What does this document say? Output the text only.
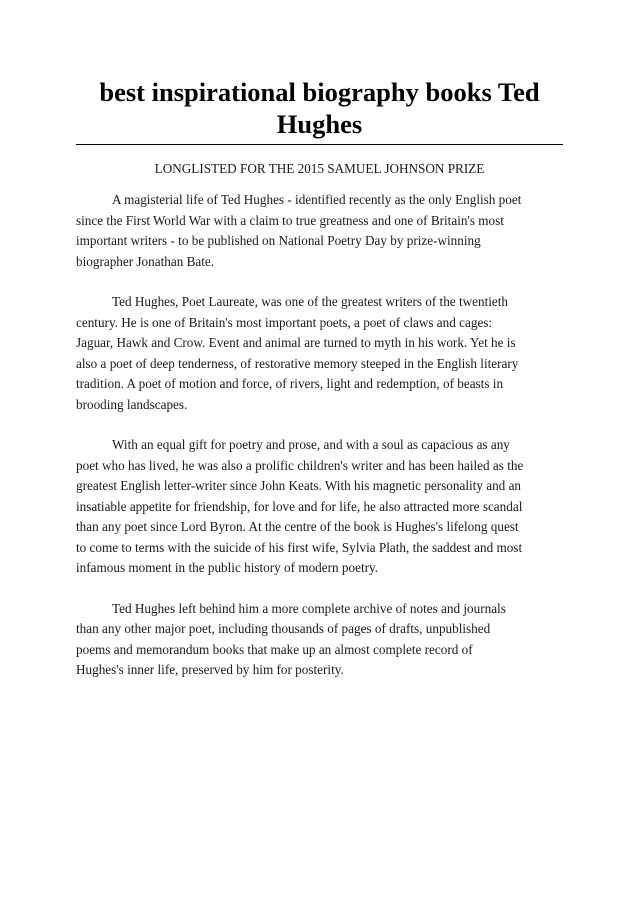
best inspirational biography books Ted Hughes
LONGLISTED FOR THE 2015 SAMUEL JOHNSON PRIZE

A magisterial life of Ted Hughes - identified recently as the only English poet
since the First World War with a claim to true greatness and one of Britain's most
important writers - to be published on National Poetry Day by prize-winning
biographer Jonathan Bate.

Ted Hughes, Poet Laureate, was one of the greatest writers of the twentieth
century. He is one of Britain's most important poets, a poet of claws and cages:
Jaguar, Hawk and Crow. Event and animal are turned to myth in his work. Yet he is
also a poet of deep tenderness, of restorative memory steeped in the English literary
tradition. A poet of motion and force, of rivers, light and redemption, of beasts in
brooding landscapes.

With an equal gift for poetry and prose, and with a soul as capacious as any
poet who has lived, he was also a prolific children's writer and has been hailed as the
greatest English letter-writer since John Keats. With his magnetic personality and an
insatiable appetite for friendship, for love and for life, he also attracted more scandal
than any poet since Lord Byron. At the centre of the book is Hughes's lifelong quest
to come to terms with the suicide of his first wife, Sylvia Plath, the saddest and most
infamous moment in the public history of modern poetry.

Ted Hughes left behind him a more complete archive of notes and journals
than any other major poet, including thousands of pages of drafts, unpublished
poems and memorandum books that make up an almost complete record of
Hughes's inner life, preserved by him for posterity.
